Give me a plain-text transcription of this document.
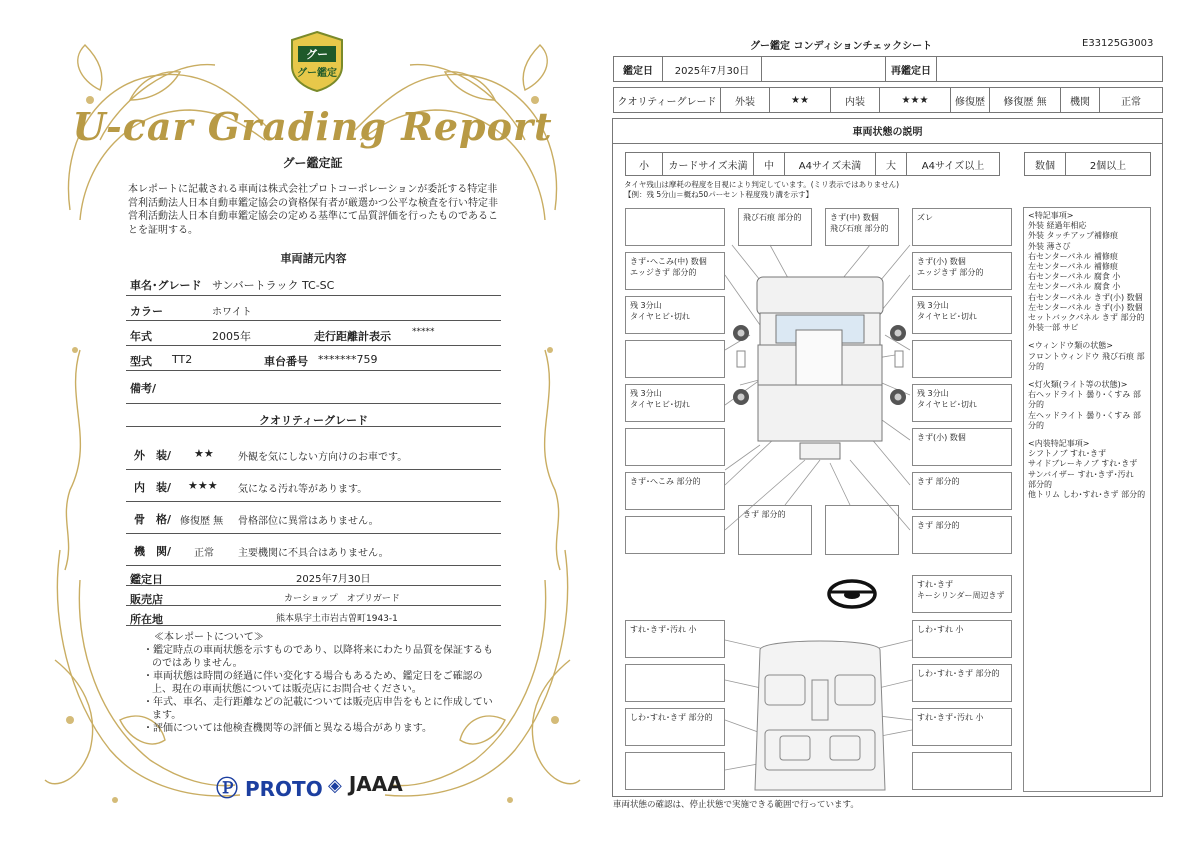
グー
グー鑑定
U-car Grading Report
グー鑑定証
本レポートに記載される車両は株式会社プロトコーポレーションが委託する特定非営利活動法人日本自動車鑑定協会の資格保有者が厳選かつ公平な検査を行い特定非営利活動法人日本自動車鑑定協会の定める基準にて品質評価を行ったものであることを証明する。
車両諸元内容
車名･グレード サンバートラック TC-SC
カラー	ホワイト
年式	2005年	走行距離計表示 *****
型式 TT2	車台番号 *******759
備考/
クオリティーグレード
外　装/ ★★ 外観を気にしない方向けのお車です。
内　装/ ★★★ 気になる汚れ等があります。
骨　格/ 修復歴 無 骨格部位に異常はありません。
機　関/ 正常 主要機関に不具合はありません。
鑑定日	2025年7月30日
販売店	カーショップ　オプリガード
所在地	熊本県宇土市岩古曽町1943-1
≪本レポートについて≫
・鑑定時点の車両状態を示すものであり、以降将来にわたり品質を保証するものではありません。
・車両状態は時間の経過に伴い変化する場合もあるため、鑑定日をご確認の上、現在の車両状態については販売店にお問合せください。
・年式、車名、走行距離などの記載については販売店申告をもとに作成しています。
・評価については他検査機関等の評価と異なる場合があります。
Ⓟ PROTO ◈ JAAA
グー鑑定 コンディションチェックシート	E33125G3003
鑑定日	2025年7月30日	再鑑定日
クオリティーグレード	外装	★★	内装	★★★	修復歴	修復歴 無	機関	正常
車両状態の説明
小	カードサイズ未満	中	A4サイズ未満	大	A4サイズ以上	数個	2個以上
タイヤ残山は摩耗の程度を目視により判定しています。(ミリ表示ではありません)
【例：残 5分山＝概ね50パーセント程度残り溝を示す】
飛び石痕 部分的	きず(中) 数個
飛び石痕 部分的
ズレ
きず･へこみ(中) 数個
エッジきず 部分的
残 3分山
タイヤヒビ･切れ
残 3分山
タイヤヒビ･切れ
きず･へこみ 部分的
きず(小) 数個
エッジきず 部分的
残 3分山
タイヤヒビ･切れ
残 3分山
タイヤヒビ･切れ
きず(小) 数個
きず 部分的
きず 部分的
きず 部分的
すれ･きず
キーシリンダー周辺きず
すれ･きず･汚れ 小
しわ･すれ･きず 部分的
しわ･すれ 小
しわ･すれ･きず 部分的
すれ･きず･汚れ 小
<特記事項>
外装 経過年相応
外装 タッチアップ補修痕
外装 薄さび
右センターパネル 補修痕
左センターパネル 補修痕
右センターパネル 腐食 小
左センターパネル 腐食 小
右センターパネル きず(小) 数個
左センターパネル きず(小) 数個
セットバックパネル きず 部分的
外装一部 サビ
<ウィンドウ類の状態>
フロントウィンドウ 飛び石痕 部分的
<灯火類(ライト等の状態)>
右ヘッドライト 曇り･くすみ 部分的
左ヘッドライト 曇り･くすみ 部分的
<内装特記事項>
シフトノブ すれ･きず
サイドブレーキノブ すれ･きず
サンバイザー すれ･きず･汚れ
部分的
他トリム しわ･すれ･きず 部分的
車両状態の確認は、停止状態で実施できる範囲で行っています。
